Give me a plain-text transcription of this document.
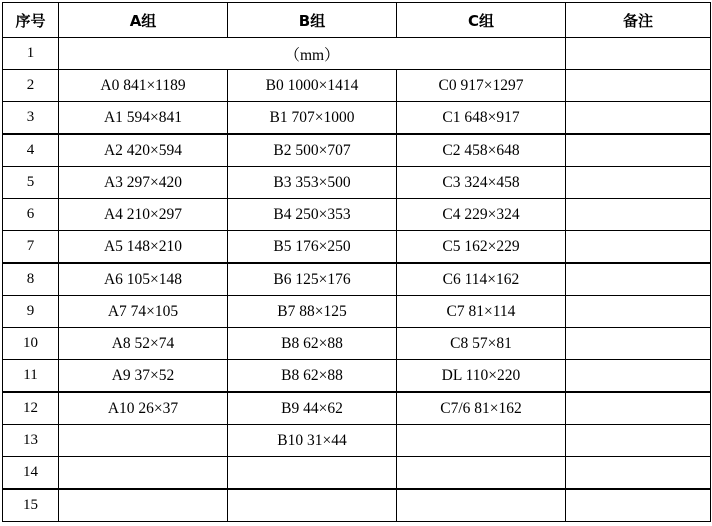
序号	A组	B组	C组	备注
1	（mm）			
2	A0 841×1189	B0 1000×1414	C0 917×1297	
3	A1 594×841	B1 707×1000	C1 648×917	
4	A2 420×594	B2 500×707	C2 458×648	
5	A3 297×420	B3 353×500	C3 324×458	
6	A4 210×297	B4 250×353	C4 229×324	
7	A5 148×210	B5 176×250	C5 162×229	
8	A6 105×148	B6 125×176	C6 114×162	
9	A7 74×105	B7 88×125	C7 81×114	
10	A8 52×74	B8 62×88	C8 57×81	
11	A9 37×52	B8 62×88	DL 110×220	
12	A10 26×37	B9 44×62	C7/6 81×162	
13		B10 31×44		
14				
15				
